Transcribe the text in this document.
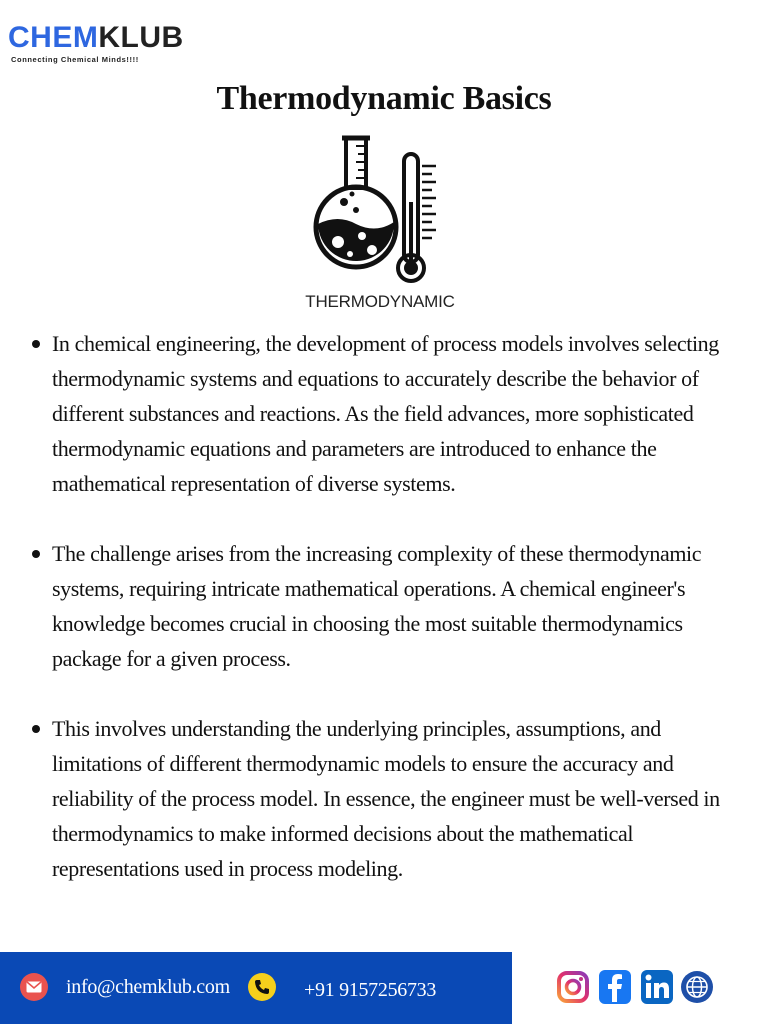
CHEMKLUB
Connecting Chemical Minds!!!!
Thermodynamic Basics
THERMODYNAMIC
In chemical engineering, the development of process models involves selecting thermodynamic systems and equations to accurately describe the behavior of different substances and reactions. As the field advances, more sophisticated thermodynamic equations and parameters are introduced to enhance the mathematical representation of diverse systems.
The challenge arises from the increasing complexity of these thermodynamic systems, requiring intricate mathematical operations. A chemical engineer's knowledge becomes crucial in choosing the most suitable thermodynamics package for a given process.
This involves understanding the underlying principles, assumptions, and limitations of different thermodynamic models to ensure the accuracy and reliability of the process model. In essence, the engineer must be well-versed in thermodynamics to make informed decisions about the mathematical representations used in process modeling.
info@chemklub.com	+91 9157256733
